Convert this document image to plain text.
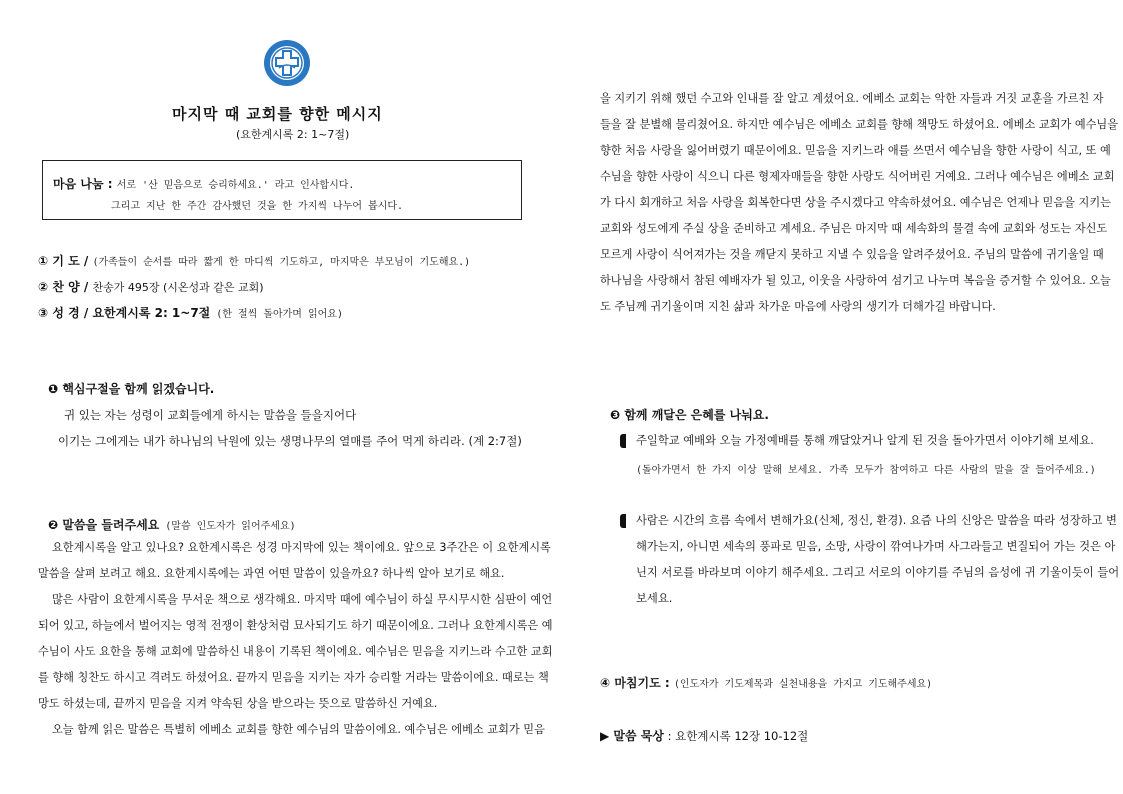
마지막 때 교회를 향한 메시지
(요한계시록 2: 1~7절)
마음 나눔 : 서로 '산 믿음으로 승리하세요.' 라고 인사합시다.
그리고 지난 한 주간 감사했던 것을 한 가지씩 나누어 봅시다.
① 기 도 / (가족들이 순서를 따라 짧게 한 마디씩 기도하고, 마지막은 부모님이 기도해요.)
② 찬 양 / 찬송가 495장 (시온성과 같은 교회)
③ 성 경 / 요한계시록 2: 1~7절 (한 절씩 돌아가며 읽어요)
❶ 핵심구절을 함께 읽겠습니다.
귀 있는 자는 성령이 교회들에게 하시는 말씀을 들을지어다
이기는 그에게는 내가 하나님의 낙원에 있는 생명나무의 열매를 주어 먹게 하리라. (계 2:7절)
❷ 말씀을 들려주세요 (말씀 인도자가 읽어주세요)
요한계시록을 알고 있나요? 요한계시록은 성경 마지막에 있는 책이에요. 앞으로 3주간은 이 요한계시록
말씀을 살펴 보려고 해요. 요한계시록에는 과연 어떤 말씀이 있을까요? 하나씩 알아 보기로 해요.
많은 사람이 요한계시록을 무서운 책으로 생각해요. 마지막 때에 예수님이 하실 무시무시한 심판이 예언
되어 있고, 하늘에서 벌어지는 영적 전쟁이 환상처럼 묘사되기도 하기 때문이에요. 그러나 요한계시록은 예
수님이 사도 요한을 통해 교회에 말씀하신 내용이 기록된 책이에요. 예수님은 믿음을 지키느라 수고한 교회
를 향해 칭찬도 하시고 격려도 하셨어요. 끝까지 믿음을 지키는 자가 승리할 거라는 말씀이에요. 때로는 책
망도 하셨는데, 끝까지 믿음을 지켜 약속된 상을 받으라는 뜻으로 말씀하신 거예요.
오늘 함께 읽은 말씀은 특별히 에베소 교회를 향한 예수님의 말씀이에요. 예수님은 에베소 교회가 믿음
을 지키기 위해 했던 수고와 인내를 잘 알고 계셨어요. 에베소 교회는 악한 자들과 거짓 교훈을 가르친 자
들을 잘 분별해 물리쳤어요. 하지만 예수님은 에베소 교회를 향해 책망도 하셨어요. 에베소 교회가 예수님을
향한 처음 사랑을 잃어버렸기 때문이에요. 믿음을 지키느라 애를 쓰면서 예수님을 향한 사랑이 식고, 또 예
수님을 향한 사랑이 식으니 다른 형제자매들을 향한 사랑도 식어버린 거예요. 그러나 예수님은 에베소 교회
가 다시 회개하고 처음 사랑을 회복한다면 상을 주시겠다고 약속하셨어요. 예수님은 언제나 믿음을 지키는
교회와 성도에게 주실 상을 준비하고 계세요. 주님은 마지막 때 세속화의 물결 속에 교회와 성도는 자신도
모르게 사랑이 식어져가는 것을 깨닫지 못하고 지낼 수 있음을 알려주셨어요. 주님의 말씀에 귀기울일 때
하나님을 사랑해서 참된 예배자가 될 있고, 이웃을 사랑하여 섬기고 나누며 복음을 증거할 수 있어요. 오늘
도 주님께 귀기울이며 지친 삶과 차가운 마음에 사랑의 생기가 더해가길 바랍니다.
❸ 함께 깨달은 은혜를 나눠요.
주일학교 예배와 오늘 가정예배를 통해 깨달았거나 알게 된 것을 돌아가면서 이야기해 보세요.
(돌아가면서 한 가지 이상 말해 보세요. 가족 모두가 참여하고 다른 사람의 말을 잘 들어주세요.)
사람은 시간의 흐름 속에서 변해가요(신체, 정신, 환경). 요즘 나의 신앙은 말씀을 따라 성장하고 변
해가는지, 아니면 세속의 풍파로 믿음, 소망, 사랑이 깎여나가며 사그라들고 변질되어 가는 것은 아
닌지 서로를 바라보며 이야기 해주세요. 그리고 서로의 이야기를 주님의 음성에 귀 기울이듯이 들어
보세요.
④ 마침기도 : (인도자가 기도제목과 실천내용을 가지고 기도해주세요)
▶ 말씀 묵상 : 요한계시록 12장 10-12절
